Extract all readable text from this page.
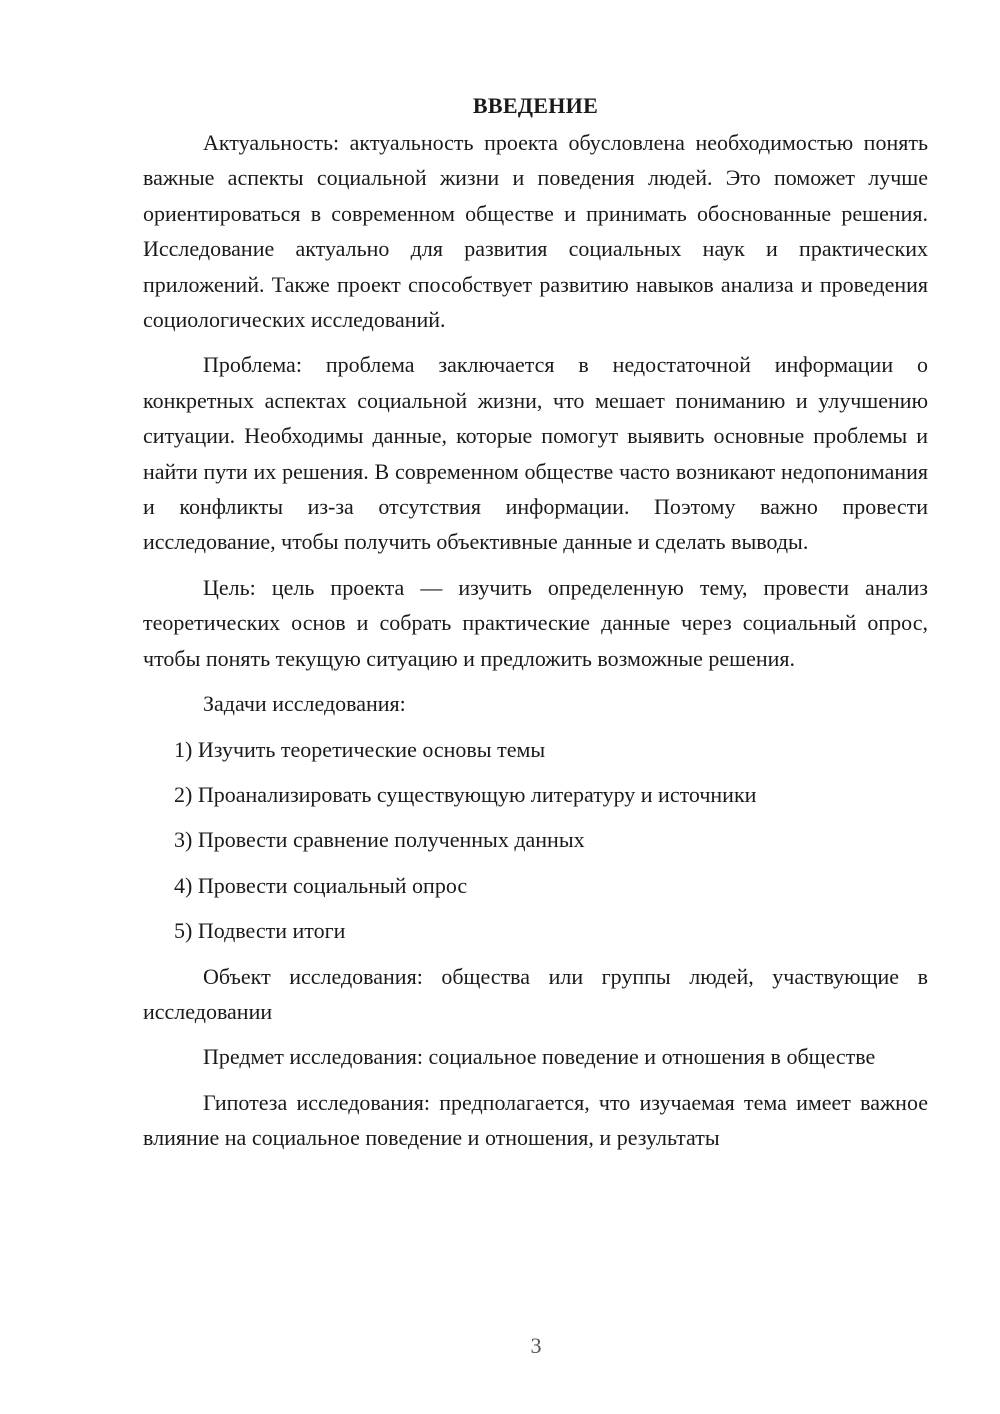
ВВЕДЕНИЕ

Актуальность: актуальность проекта обусловлена необходимостью понять важные аспекты социальной жизни и поведения людей. Это поможет лучше ориентироваться в современном обществе и принимать обоснованные решения. Исследование актуально для развития социальных наук и практических приложений. Также проект способствует развитию навыков анализа и проведения социологических исследований.

Проблема: проблема заключается в недостаточной информации о конкретных аспектах социальной жизни, что мешает пониманию и улучшению ситуации. Необходимы данные, которые помогут выявить основные проблемы и найти пути их решения. В современном обществе часто возникают недопонимания и конфликты из-за отсутствия информации. Поэтому важно провести исследование, чтобы получить объективные данные и сделать выводы.

Цель: цель проекта — изучить определенную тему, провести анализ теоретических основ и собрать практические данные через социальный опрос, чтобы понять текущую ситуацию и предложить возможные решения.

Задачи исследования:

1) Изучить теоретические основы темы
2) Проанализировать существующую литературу и источники
3) Провести сравнение полученных данных
4) Провести социальный опрос
5) Подвести итоги

Объект исследования: общества или группы людей, участвующие в исследовании

Предмет исследования: социальное поведение и отношения в обществе

Гипотеза исследования: предполагается, что изучаемая тема имеет важное влияние на социальное поведение и отношения, и результаты

3
